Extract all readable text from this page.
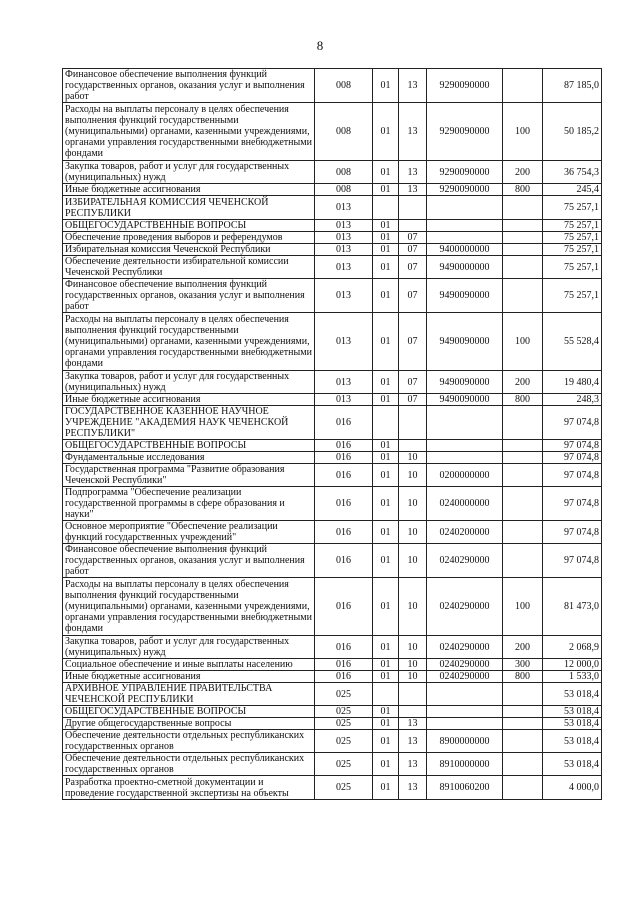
8
Финансовое обеспечение выполнения функций государственных органов, оказания услуг и выполнения работ	008	01	13	9290090000		87 185,0
Расходы на выплаты персоналу в целях обеспечения выполнения функций государственными (муниципальными) органами, казенными учреждениями, органами управления государственными внебюджетными фондами	008	01	13	9290090000	100	50 185,2
Закупка товаров, работ и услуг для государственных (муниципальных) нужд	008	01	13	9290090000	200	36 754,3
Иные бюджетные ассигнования	008	01	13	9290090000	800	245,4
ИЗБИРАТЕЛЬНАЯ КОМИССИЯ ЧЕЧЕНСКОЙ РЕСПУБЛИКИ	013					75 257,1
ОБЩЕГОСУДАРСТВЕННЫЕ ВОПРОСЫ	013	01				75 257,1
Обеспечение проведения выборов и референдумов	013	01	07			75 257,1
Избирательная комиссия Чеченской Республики	013	01	07	9400000000		75 257,1
Обеспечение деятельности избирательной комиссии Чеченской Республики	013	01	07	9490000000		75 257,1
Финансовое обеспечение выполнения функций государственных органов, оказания услуг и выполнения работ	013	01	07	9490090000		75 257,1
Расходы на выплаты персоналу в целях обеспечения выполнения функций государственными (муниципальными) органами, казенными учреждениями, органами управления государственными внебюджетными фондами	013	01	07	9490090000	100	55 528,4
Закупка товаров, работ и услуг для государственных (муниципальных) нужд	013	01	07	9490090000	200	19 480,4
Иные бюджетные ассигнования	013	01	07	9490090000	800	248,3
ГОСУДАРСТВЕННОЕ КАЗЕННОЕ НАУЧНОЕ УЧРЕЖДЕНИЕ "АКАДЕМИЯ НАУК ЧЕЧЕНСКОЙ РЕСПУБЛИКИ"	016					97 074,8
ОБЩЕГОСУДАРСТВЕННЫЕ ВОПРОСЫ	016	01				97 074,8
Фундаментальные исследования	016	01	10			97 074,8
Государственная программа "Развитие образования Чеченской Республики"	016	01	10	0200000000		97 074,8
Подпрограмма "Обеспечение реализации государственной программы в сфере образования и науки"	016	01	10	0240000000		97 074,8
Основное мероприятие "Обеспечение реализации функций государственных учреждений"	016	01	10	0240200000		97 074,8
Финансовое обеспечение выполнения функций государственных органов, оказания услуг и выполнения работ	016	01	10	0240290000		97 074,8
Расходы на выплаты персоналу в целях обеспечения выполнения функций государственными (муниципальными) органами, казенными учреждениями, органами управления государственными внебюджетными фондами	016	01	10	0240290000	100	81 473,0
Закупка товаров, работ и услуг для государственных (муниципальных) нужд	016	01	10	0240290000	200	2 068,9
Социальное обеспечение и иные выплаты населению	016	01	10	0240290000	300	12 000,0
Иные бюджетные ассигнования	016	01	10	0240290000	800	1 533,0
АРХИВНОЕ УПРАВЛЕНИЕ ПРАВИТЕЛЬСТВА ЧЕЧЕНСКОЙ РЕСПУБЛИКИ	025					53 018,4
ОБЩЕГОСУДАРСТВЕННЫЕ ВОПРОСЫ	025	01				53 018,4
Другие общегосударственные вопросы	025	01	13			53 018,4
Обеспечение деятельности отдельных республиканских государственных органов	025	01	13	8900000000		53 018,4
Обеспечение деятельности отдельных республиканских государственных органов	025	01	13	8910000000		53 018,4
Разработка проектно-сметной документации и проведение государственной экспертизы на объекты	025	01	13	8910060200		4 000,0
